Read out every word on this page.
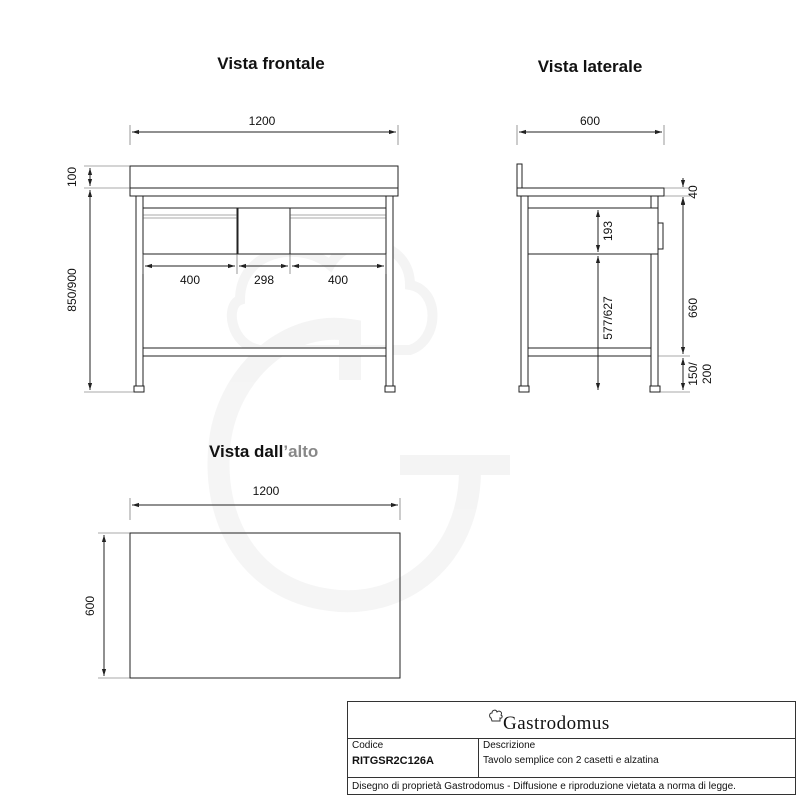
Vista frontale
1200
400	298	400
100
850/900
Vista laterale
600
193
577/627
40
660
150/ 200
Vista dall’alto
1200
600
Gastrodomus
Codice
RITGSR2C126A
Descrizione
Tavolo semplice con 2 casetti e alzatina
Disegno di proprietà Gastrodomus - Diffusione e riproduzione vietata a norma di legge.
